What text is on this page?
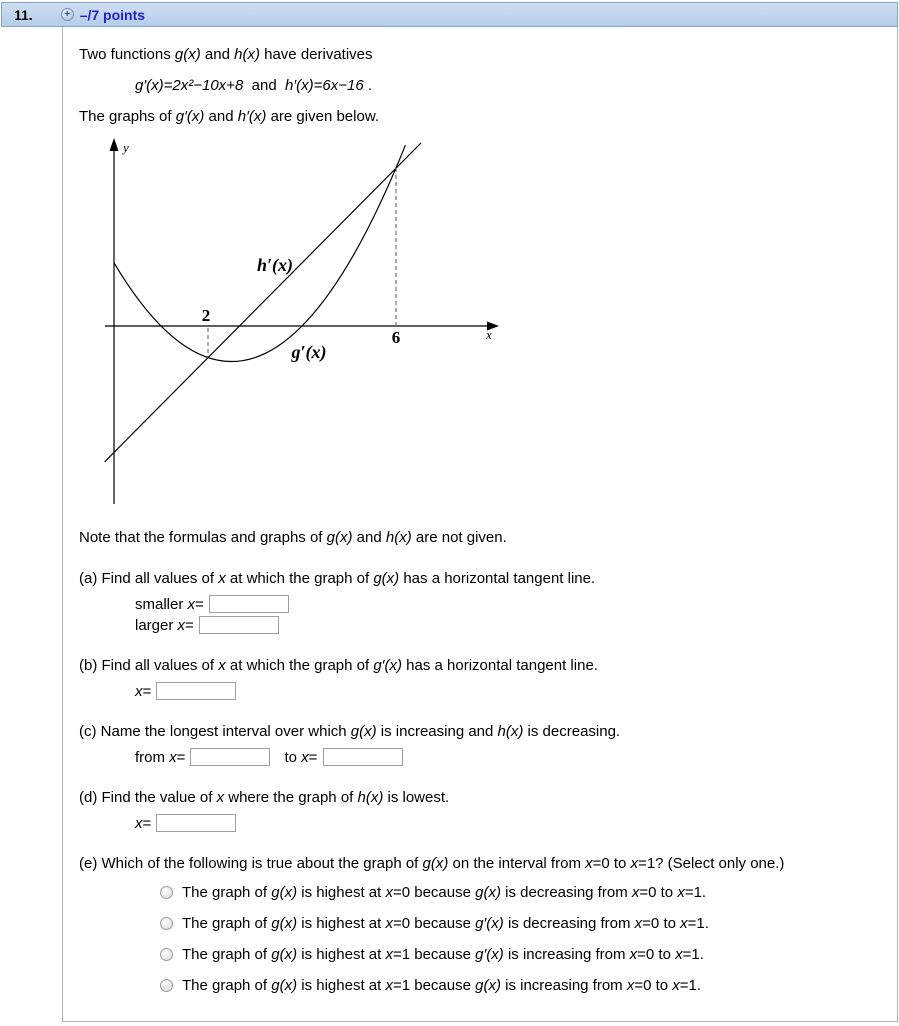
11.	+ –/7 points

Two functions g(x) and h(x) have derivatives

g′(x)=2x²−10x+8  and  h′(x)=6x−16 .

The graphs of g′(x) and h′(x) are given below.

y
x
2
6
h′(x)
g′(x)

Note that the formulas and graphs of g(x) and h(x) are not given.

(a) Find all values of x at which the graph of g(x) has a horizontal tangent line.

smaller x=
larger x=

(b) Find all values of x at which the graph of g′(x) has a horizontal tangent line.

x=

(c) Name the longest interval over which g(x) is increasing and h(x) is decreasing.

from x=	to x=

(d) Find the value of x where the graph of h(x) is lowest.

x=

(e) Which of the following is true about the graph of g(x) on the interval from x=0 to x=1? (Select only one.)

The graph of g(x) is highest at x=0 because g(x) is decreasing from x=0 to x=1.
The graph of g(x) is highest at x=0 because g′(x) is decreasing from x=0 to x=1.
The graph of g(x) is highest at x=1 because g′(x) is increasing from x=0 to x=1.
The graph of g(x) is highest at x=1 because g(x) is increasing from x=0 to x=1.
